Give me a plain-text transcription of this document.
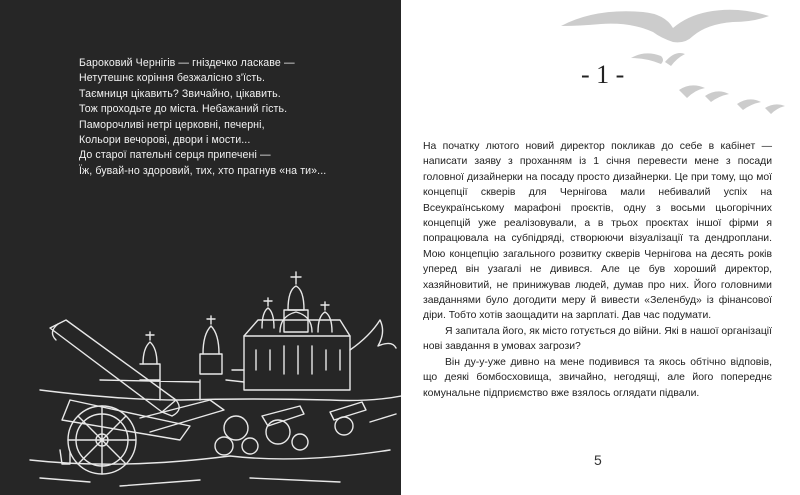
Бароковий Чернігів — гніздечко ласкаве —
Нетутешнє коріння безжалісно з'їсть.
Таємниця цікавить? Звичайно, цікавить.
Тож проходьте до міста. Небажаний гість.
Паморочливі нетрі церковні, печерні,
Кольори вечорові, двори і мости...
До старої пательні серця припечені —
Їж, бувай-но здоровий, тих, хто прагнув «на ти»...
- 1 -

На початку лютого новий директор покликав до себе в кабінет — написати заяву з проханням із 1 січня перевести мене з посади головної дизайнерки на посаду просто дизайнерки. Це при тому, що мої концепції скверів для Чернігова мали небивалий успіх на Всеукраїнському марафоні проєктів, одну з восьми цьогорічних концепцій уже реалізовували, а в трьох проєктах іншої фірми я попрацювала на субпідряді, створюючи візуалізації та дендроплани. Мою концепцію загального розвитку скверів Чернігова на десять років уперед він узагалі не дивився. Але це був хороший директор, хазяйновитий, не принижував людей, думав про них. Його головними завданнями було догодити меру й вивести «Зеленбуд» із фінансової діри. Тобто хотів заощадити на зарплаті. Дав час подумати.

Я запитала його, як місто готується до війни. Які в нашої організації нові завдання в умовах загрози?

Він ду-у-уже дивно на мене подивився та якось обтічно відповів, що деякі бомбосховища, звичайно, негодящі, але його попереднє комунальне підприємство вже взялось оглядати підвали.

5
